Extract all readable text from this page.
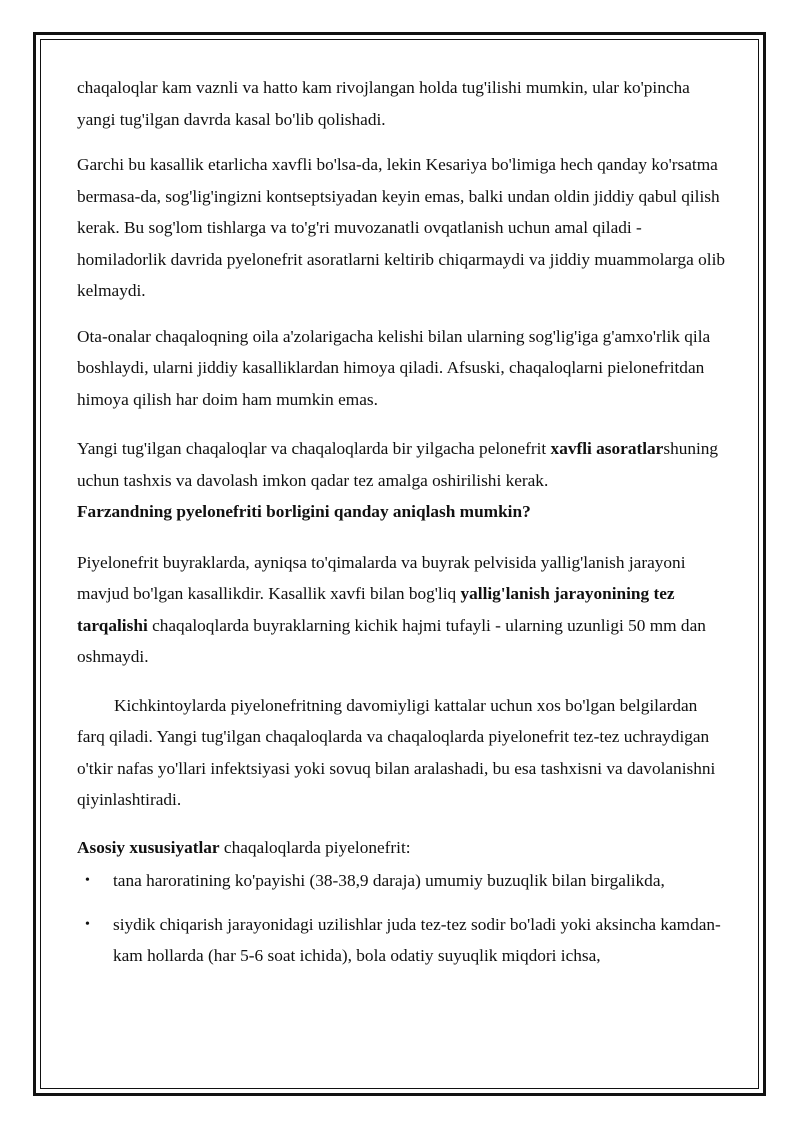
chaqaloqlar kam vaznli va hatto kam rivojlangan holda tug'ilishi mumkin, ular ko'pincha yangi tug'ilgan davrda kasal bo'lib qolishadi.

Garchi bu kasallik etarlicha xavfli bo'lsa-da, lekin Kesariya bo'limiga hech qanday ko'rsatma bermasa-da, sog'lig'ingizni kontseptsiyadan keyin emas, balki undan oldin jiddiy qabul qilish kerak. Bu sog'lom tishlarga va to'g'ri muvozanatli ovqatlanish uchun amal qiladi - homiladorlik davrida pyelonefrit asoratlarni keltirib chiqarmaydi va jiddiy muammolarga olib kelmaydi.

Ota-onalar chaqaloqning oila a'zolarigacha kelishi bilan ularning sog'lig'iga g'amxo'rlik qila boshlaydi, ularni jiddiy kasalliklardan himoya qiladi. Afsuski, chaqaloqlarni pielonefritdan himoya qilish har doim ham mumkin emas.

Yangi tug'ilgan chaqaloqlar va chaqaloqlarda bir yilgacha pelonefrit xavfli asoratlarshuning uchun tashxis va davolash imkon qadar tez amalga oshirilishi kerak.

Farzandning pyelonefriti borligini qanday aniqlash mumkin?

Piyelonefrit buyraklarda, ayniqsa to'qimalarda va buyrak pelvisida yallig'lanish jarayoni mavjud bo'lgan kasallikdir. Kasallik xavfi bilan bog'liq yallig'lanish jarayonining tez tarqalishi chaqaloqlarda buyraklarning kichik hajmi tufayli - ularning uzunligi 50 mm dan oshmaydi.

Kichkintoylarda piyelonefritning davomiyligi kattalar uchun xos bo'lgan belgilardan farq qiladi. Yangi tug'ilgan chaqaloqlarda va chaqaloqlarda piyelonefrit tez-tez uchraydigan o'tkir nafas yo'llari infektsiyasi yoki sovuq bilan aralashadi, bu esa tashxisni va davolanishni qiyinlashtiradi.

Asosiy xususiyatlar chaqaloqlarda piyelonefrit:

• tana haroratining ko'payishi (38-38,9 daraja) umumiy buzuqlik bilan birgalikda,
• siydik chiqarish jarayonidagi uzilishlar juda tez-tez sodir bo'ladi yoki aksincha kamdan-kam hollarda (har 5-6 soat ichida), bola odatiy suyuqlik miqdori ichsa,
